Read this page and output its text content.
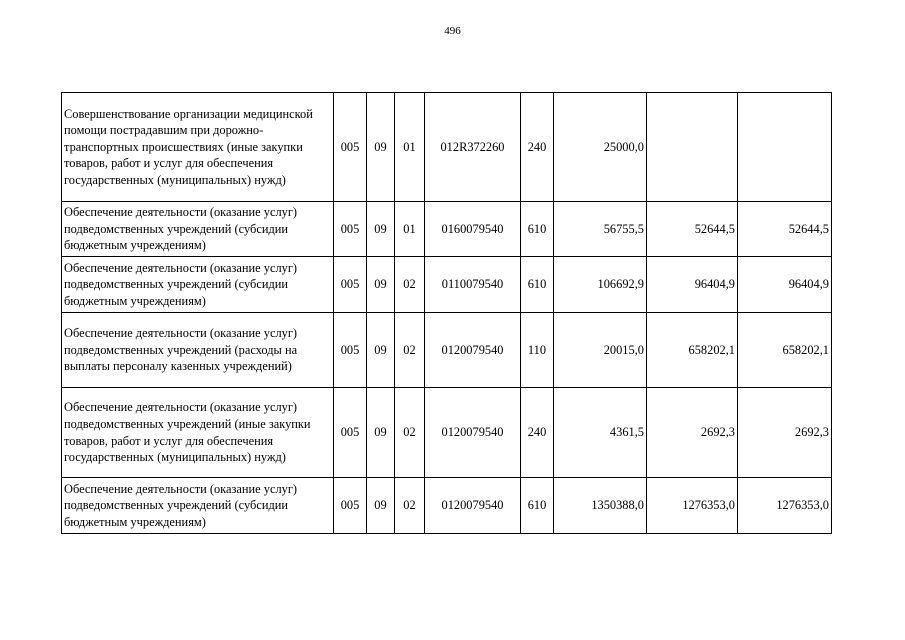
496
Совершенствование организации медицинской помощи пострадавшим при дорожно-транспортных происшествиях (иные закупки товаров, работ и услуг для обеспечения государственных (муниципальных) нужд)	005	09	01	012R372260	240	25000,0		
Обеспечение деятельности (оказание услуг) подведомственных учреждений (субсидии бюджетным учреждениям)	005	09	01	0160079540	610	56755,5	52644,5	52644,5
Обеспечение деятельности (оказание услуг) подведомственных учреждений (субсидии бюджетным учреждениям)	005	09	02	0110079540	610	106692,9	96404,9	96404,9
Обеспечение деятельности (оказание услуг) подведомственных учреждений (расходы на выплаты персоналу казенных учреждений)	005	09	02	0120079540	110	20015,0	658202,1	658202,1
Обеспечение деятельности (оказание услуг) подведомственных учреждений (иные закупки товаров, работ и услуг для обеспечения государственных (муниципальных) нужд)	005	09	02	0120079540	240	4361,5	2692,3	2692,3
Обеспечение деятельности (оказание услуг) подведомственных учреждений (субсидии бюджетным учреждениям)	005	09	02	0120079540	610	1350388,0	1276353,0	1276353,0
